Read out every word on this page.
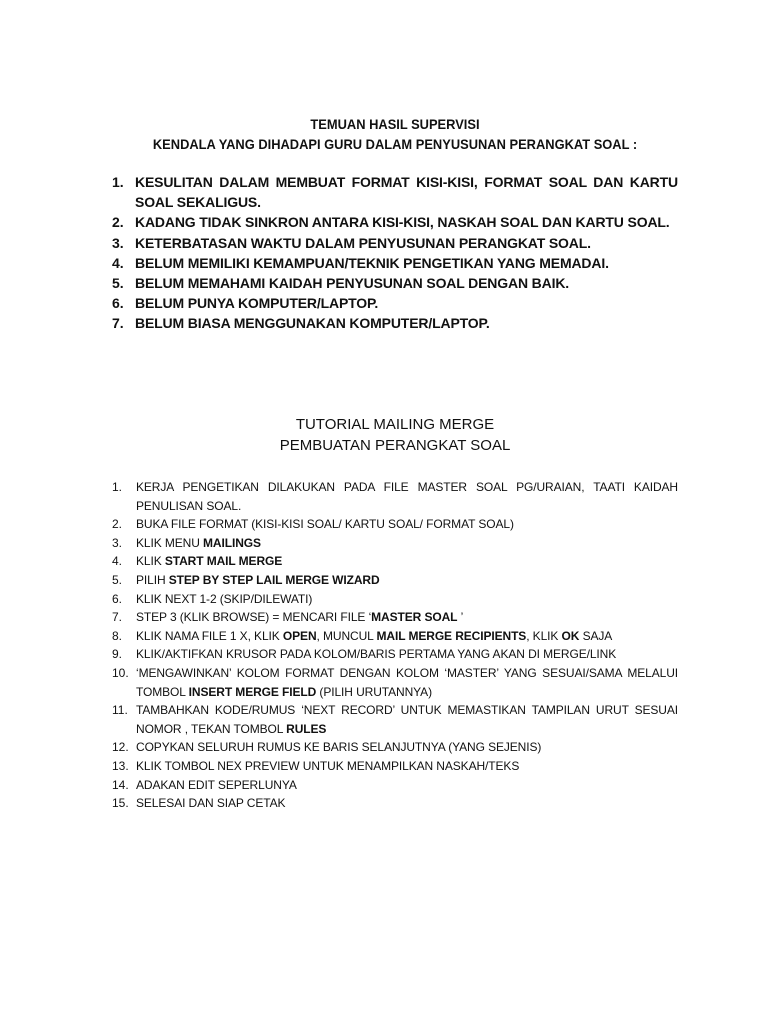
TEMUAN HASIL SUPERVISI
KENDALA YANG DIHADAPI GURU DALAM PENYUSUNAN PERANGKAT SOAL :

1. KESULITAN DALAM MEMBUAT FORMAT KISI-KISI, FORMAT SOAL DAN KARTU SOAL SEKALIGUS.
2. KADANG TIDAK SINKRON ANTARA KISI-KISI, NASKAH SOAL DAN KARTU SOAL.
3. KETERBATASAN WAKTU DALAM PENYUSUNAN PERANGKAT SOAL.
4. BELUM MEMILIKI KEMAMPUAN/TEKNIK PENGETIKAN YANG MEMADAI.
5. BELUM MEMAHAMI KAIDAH PENYUSUNAN SOAL DENGAN BAIK.
6. BELUM PUNYA KOMPUTER/LAPTOP.
7. BELUM BIASA MENGGUNAKAN KOMPUTER/LAPTOP.

TUTORIAL MAILING MERGE
PEMBUATAN PERANGKAT SOAL

1.	KERJA PENGETIKAN DILAKUKAN PADA FILE MASTER SOAL PG/URAIAN, TAATI KAIDAH PENULISAN SOAL.
2.	BUKA FILE FORMAT (KISI-KISI SOAL/ KARTU SOAL/ FORMAT SOAL)
3.	KLIK MENU MAILINGS
4.	KLIK START MAIL MERGE
5.	PILIH STEP BY STEP LAIL MERGE WIZARD
6.	KLIK NEXT 1-2 (SKIP/DILEWATI)
7.	STEP 3 (KLIK BROWSE) = MENCARI FILE ‘MASTER SOAL ’
8.	KLIK NAMA FILE 1 X, KLIK OPEN, MUNCUL MAIL MERGE RECIPIENTS, KLIK OK SAJA
9.	KLIK/AKTIFKAN KRUSOR PADA KOLOM/BARIS PERTAMA YANG AKAN DI MERGE/LINK
10. ‘MENGAWINKAN’ KOLOM FORMAT DENGAN KOLOM ‘MASTER’ YANG SESUAI/SAMA MELALUI TOMBOL INSERT MERGE FIELD (PILIH URUTANNYA)
11. TAMBAHKAN KODE/RUMUS ‘NEXT RECORD’ UNTUK MEMASTIKAN TAMPILAN URUT SESUAI NOMOR , TEKAN TOMBOL RULES
12. COPYKAN SELURUH RUMUS KE BARIS SELANJUTNYA (YANG SEJENIS)
13. KLIK TOMBOL NEX PREVIEW UNTUK MENAMPILKAN NASKAH/TEKS
14. ADAKAN EDIT SEPERLUNYA
15. SELESAI DAN SIAP CETAK
